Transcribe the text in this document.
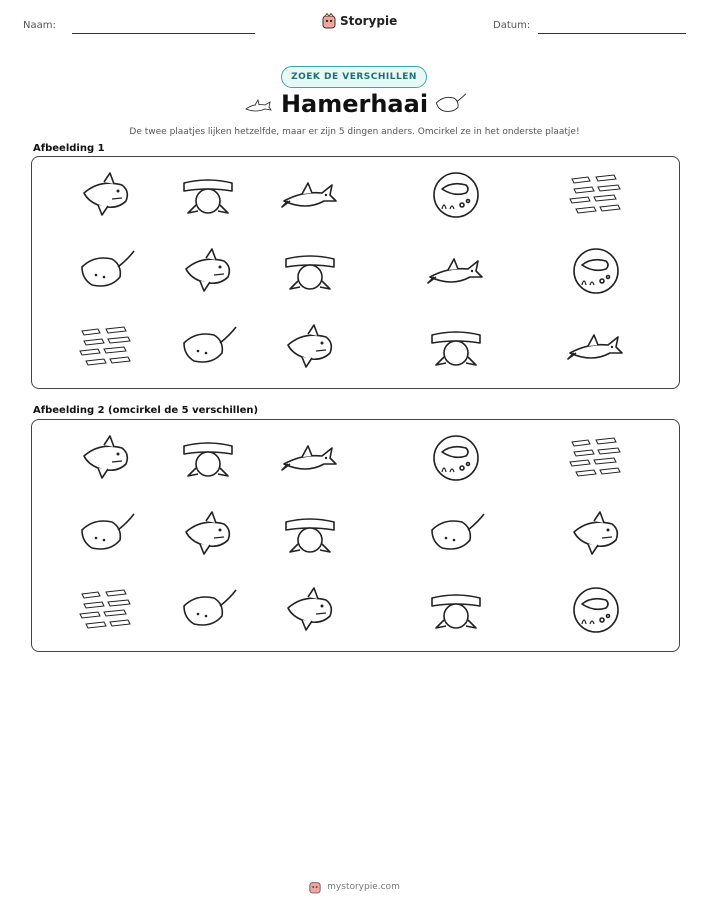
Naam:	Storypie	Datum:
ZOEK DE VERSCHILLEN
Hamerhaai
De twee plaatjes lijken hetzelfde, maar er zijn 5 dingen anders. Omcirkel ze in het onderste plaatje!
Afbeelding 1
Afbeelding 2 (omcirkel de 5 verschillen)
mystorypie.com
